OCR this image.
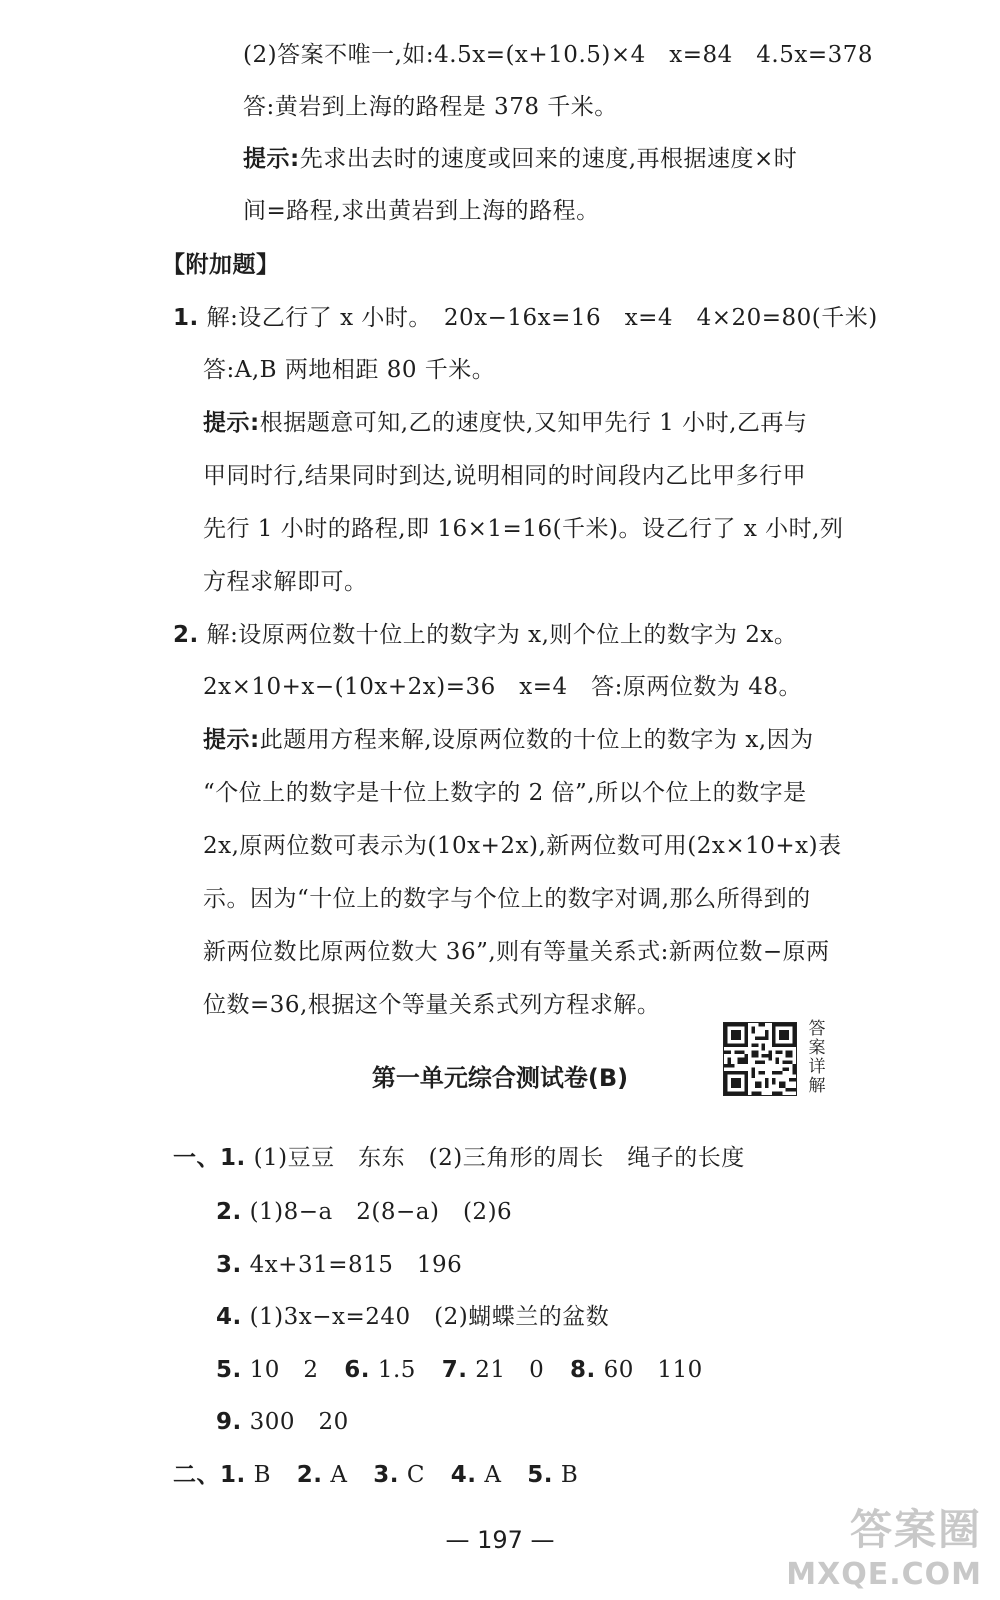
(2)答案不唯一,如:4.5x=(x+10.5)×4　x=84　4.5x=378
答:黄岩到上海的路程是 378 千米。
提示:先求出去时的速度或回来的速度,再根据速度×时
间=路程,求出黄岩到上海的路程。
【附加题】
1. 解:设乙行了 x 小时。　20x−16x=16　x=4　4×20=80(千米)
答:A,B 两地相距 80 千米。
提示:根据题意可知,乙的速度快,又知甲先行 1 小时,乙再与
甲同时行,结果同时到达,说明相同的时间段内乙比甲多行甲
先行 1 小时的路程,即 16×1=16(千米)。设乙行了 x 小时,列
方程求解即可。
2. 解:设原两位数十位上的数字为 x,则个位上的数字为 2x。
2x×10+x−(10x+2x)=36　x=4　答:原两位数为 48。
提示:此题用方程来解,设原两位数的十位上的数字为 x,因为
“个位上的数字是十位上数字的 2 倍”,所以个位上的数字是
2x,原两位数可表示为(10x+2x),新两位数可用(2x×10+x)表
示。因为“十位上的数字与个位上的数字对调,那么所得到的
新两位数比原两位数大 36”,则有等量关系式:新两位数−原两
位数=36,根据这个等量关系式列方程求解。
答案详解
第一单元综合测试卷(B)
一、1. (1)豆豆　东东　(2)三角形的周长　绳子的长度
2. (1)8−a　2(8−a)　(2)6
3. 4x+31=815　196
4. (1)3x−x=240　(2)蝴蝶兰的盆数
5. 10　2 6. 1.5 7. 21　0 8. 60　110
9. 300　20
二、1. B 2. A 3. C 4. A 5. B
— 197 —	答案圈
MXQE.COM
